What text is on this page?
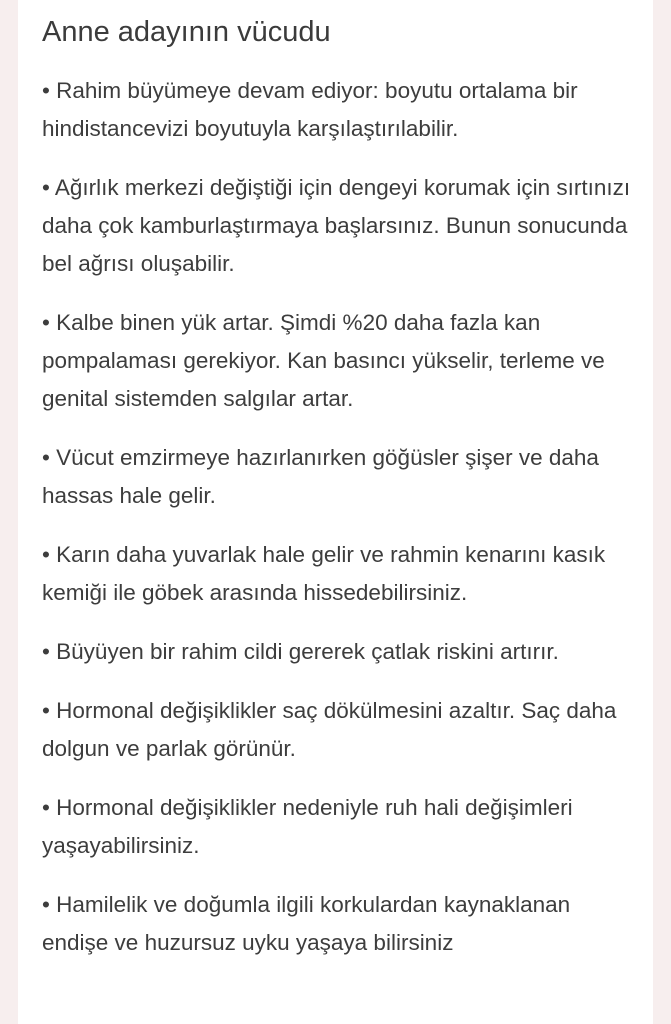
Anne adayının vücudu
• Rahim büyümeye devam ediyor: boyutu ortalama bir hindistancevizi boyutuyla karşılaştırılabilir.
• Ağırlık merkezi değiştiği için dengeyi korumak için sırtınızı daha çok kamburlaştırmaya başlarsınız. Bunun sonucunda bel ağrısı oluşabilir.
• Kalbe binen yük artar. Şimdi %20 daha fazla kan pompalaması gerekiyor. Kan basıncı yükselir, terleme ve genital sistemden salgılar artar.
• Vücut emzirmeye hazırlanırken göğüsler şişer ve daha hassas hale gelir.
• Karın daha yuvarlak hale gelir ve rahmin kenarını kasık kemiği ile göbek arasında hissedebilirsiniz.
• Büyüyen bir rahim cildi gererek çatlak riskini artırır.
• Hormonal değişiklikler saç dökülmesini azaltır. Saç daha dolgun ve parlak görünür.
• Hormonal değişiklikler nedeniyle ruh hali değişimleri yaşayabilirsiniz.
• Hamilelik ve doğumla ilgili korkulardan kaynaklanan endişe ve huzursuz uyku yaşaya bilirsiniz
